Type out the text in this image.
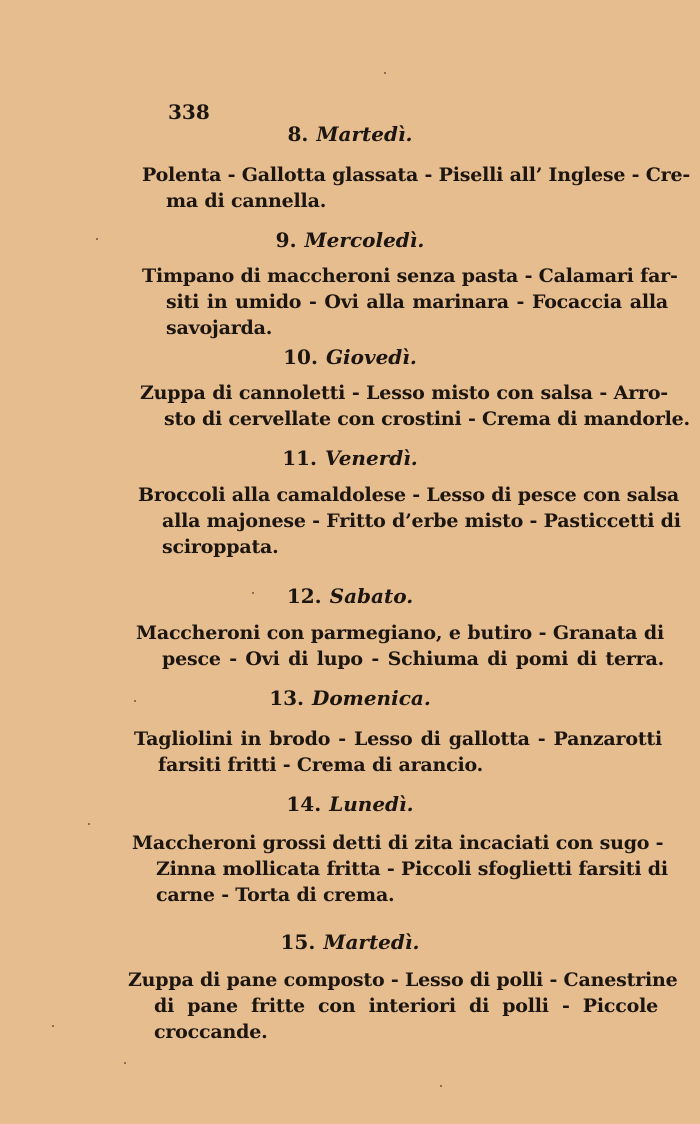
338
8. Martedì.
Polenta - Gallotta glassata - Piselli all’ Inglese - Cre-
ma di cannella.
9. Mercoledì.
Timpano di maccheroni senza pasta - Calamari far-
siti in umido - Ovi alla marinara - Focaccia alla
savojarda.
10. Giovedì.
Zuppa di cannoletti - Lesso misto con salsa - Arro-
sto di cervellate con crostini - Crema di mandorle.
11. Venerdì.
Broccoli alla camaldolese - Lesso di pesce con salsa
alla majonese - Fritto d’erbe misto - Pasticcetti di
sciroppata.
12. Sabato.
Maccheroni con parmegiano, e butiro - Granata di
pesce - Ovi di lupo - Schiuma di pomi di terra.
13. Domenica.
Tagliolini in brodo - Lesso di gallotta - Panzarotti
farsiti fritti - Crema di arancio.
14. Lunedì.
Maccheroni grossi detti di zita incaciati con sugo -
Zinna mollicata fritta - Piccoli sfoglietti farsiti di
carne - Torta di crema.
15. Martedì.
Zuppa di pane composto - Lesso di polli - Canestrine
di pane fritte con interiori di polli - Piccole
croccande.
